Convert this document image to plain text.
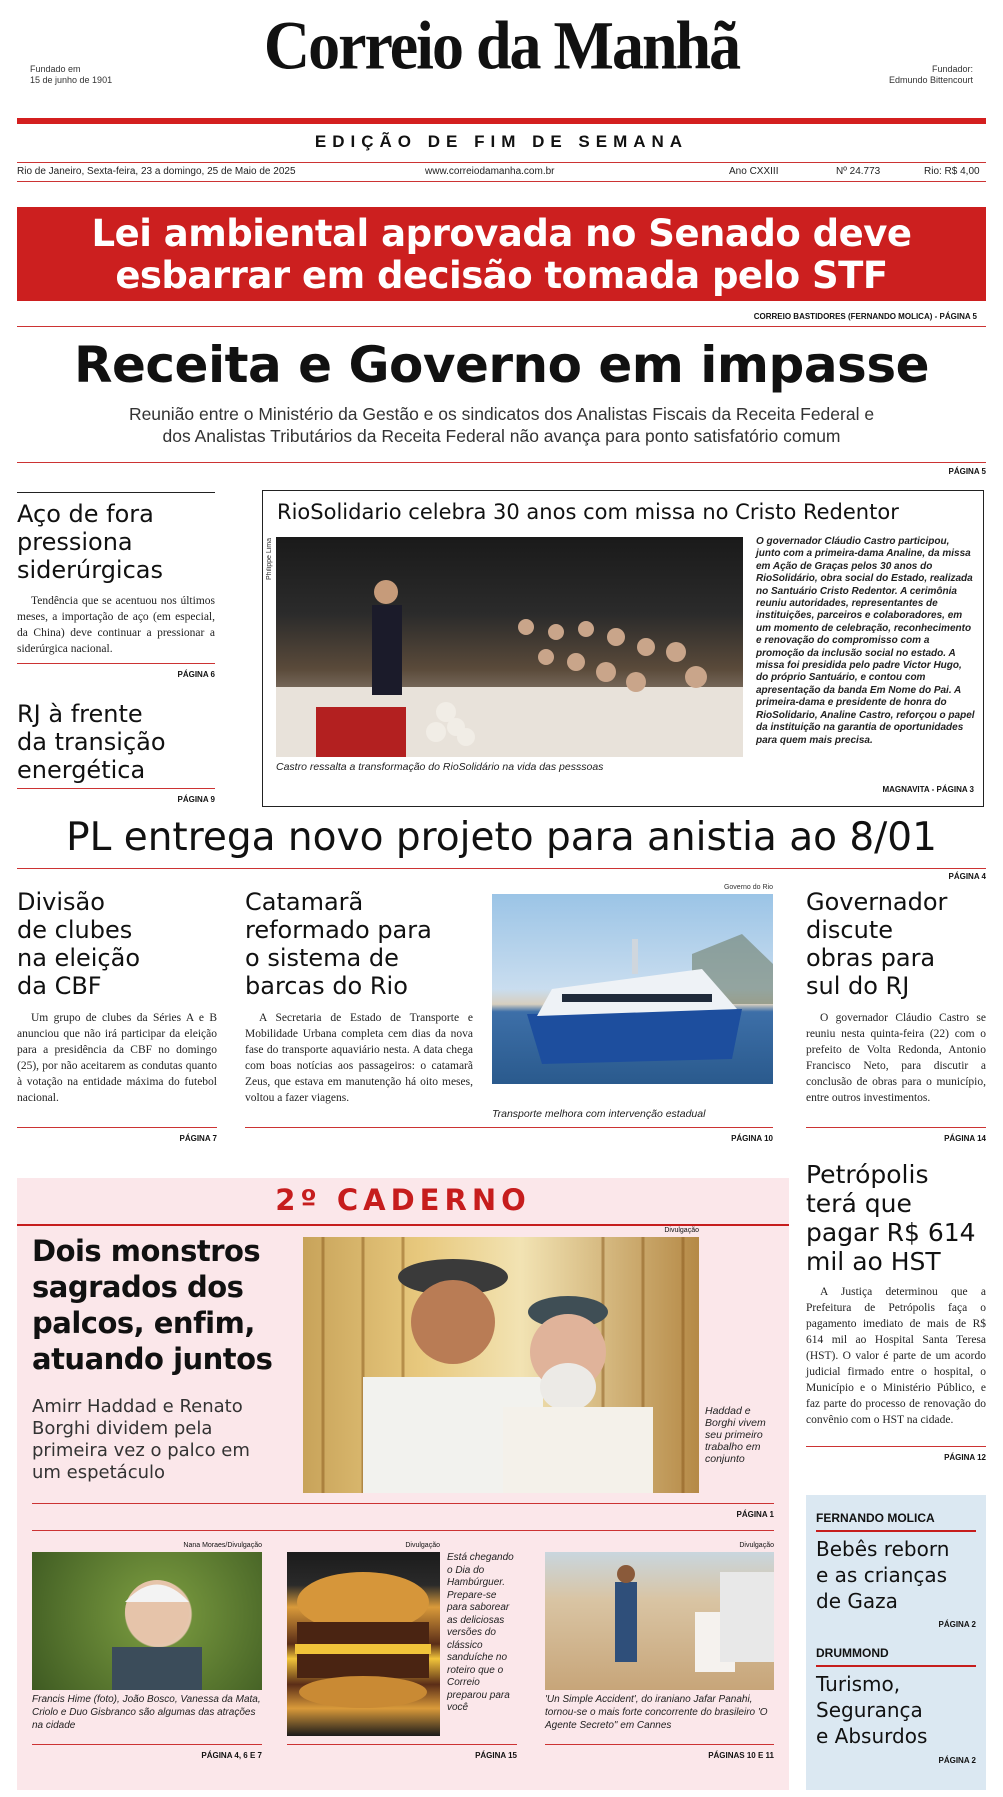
Fundado em
15 de junho de 1901	Correio da Manhã	Fundador:
Edmundo Bittencourt
EDIÇÃO DE FIM DE SEMANA
Rio de Janeiro, Sexta-feira, 23 a domingo, 25 de Maio de 2025	www.correiodamanha.com.br	Ano CXXIII	Nº 24.773	Rio: R$ 4,00
Lei ambiental aprovada no Senado deve
esbarrar em decisão tomada pelo STF
CORREIO BASTIDORES (FERNANDO MOLICA) - PÁGINA 5
Receita e Governo em impasse
Reunião entre o Ministério da Gestão e os sindicatos dos Analistas Fiscais da Receita Federal e
dos Analistas Tributários da Receita Federal não avança para ponto satisfatório comum
PÁGINA 5
Aço de fora
pressiona
siderúrgicas
Tendência que se acentuou nos últimos meses, a importação de aço (em especial, da China) deve continuar a pressionar a siderúrgica nacional.
PÁGINA 6
RJ à frente
da transição
energética
PÁGINA 9
RioSolidario celebra 30 anos com missa no Cristo Redentor
Philippe Lima
Castro ressalta a transformação do RioSolidário na vida das pesssoas
O governador Cláudio Castro participou, junto com a primeira-dama Analine, da missa em Ação de Graças pelos 30 anos do RioSolidário, obra social do Estado, realizada no Santuário Cristo Redentor. A cerimônia reuniu autoridades, representantes de instituições, parceiros e colaboradores, em um momento de celebração, reconhecimento e renovação do compromisso com a promoção da inclusão social no estado. A missa foi presidida pelo padre Victor Hugo, do próprio Santuário, e contou com apresentação da banda Em Nome do Pai. A primeira-dama e presidente de honra do RioSolidario, Analine Castro, reforçou o papel da instituição na garantia de oportunidades para quem mais precisa.
MAGNAVITA - PÁGINA 3
PL entrega novo projeto para anistia ao 8/01
PÁGINA 4
Divisão
de clubes
na eleição
da CBF
Um grupo de clubes da Séries A e B anunciou que não irá participar da eleição para a presidência da CBF no domingo (25), por não aceitarem as condutas quanto à votação na entidade máxima do futebol nacional.
PÁGINA 7
Catamarã
reformado para
o sistema de
barcas do Rio
A Secretaria de Estado de Transporte e Mobilidade Urbana completa cem dias da nova fase do transporte aquaviário nesta. A data chega com boas notícias aos passageiros: o catamarã Zeus, que estava em manutenção há oito meses, voltou a fazer viagens.
Governo do Rio
Transporte melhora com intervenção estadual
PÁGINA 10
Governador
discute
obras para
sul do RJ
O governador Cláudio Castro se reuniu nesta quinta-feira (22) com o prefeito de Volta Redonda, Antonio Francisco Neto, para discutir a conclusão de obras para o município, entre outros investimentos.
PÁGINA 14
2º CADERNO
Dois monstros
sagrados dos
palcos, enfim,
atuando juntos
Amirr Haddad e Renato Borghi dividem pela primeira vez o palco em um espetáculo
Divulgação
Haddad e Borghi vivem seu primeiro trabalho em conjunto
PÁGINA 1
Nana Moraes/Divulgação
Francis Hime (foto), João Bosco, Vanessa da Mata, Criolo e Duo Gisbranco são algumas das atrações na cidade
PÁGINA 4, 6 E 7
Divulgação
Está chegando o Dia do Hambúrguer. Prepare-se para saborear as deliciosas versões do clássico sanduíche no roteiro que o Correio preparou para você
PÁGINA 15
Divulgação
'Un Simple Accident', do iraniano Jafar Panahi, tornou-se o mais forte concorrente do brasileiro 'O Agente Secreto" em Cannes
PÁGINAS 10 E 11
Petrópolis
terá que
pagar R$ 614
mil ao HST
A Justiça determinou que a Prefeitura de Petrópolis faça o pagamento imediato de mais de R$ 614 mil ao Hospital Santa Teresa (HST). O valor é parte de um acordo judicial firmado entre o hospital, o Município e o Ministério Público, e faz parte do processo de renovação do convênio com o HST na cidade.
PÁGINA 12
FERNANDO MOLICA
Bebês reborn
e as crianças
de Gaza
PÁGINA 2
DRUMMOND
Turismo,
Segurança
e Absurdos
PÁGINA 2
